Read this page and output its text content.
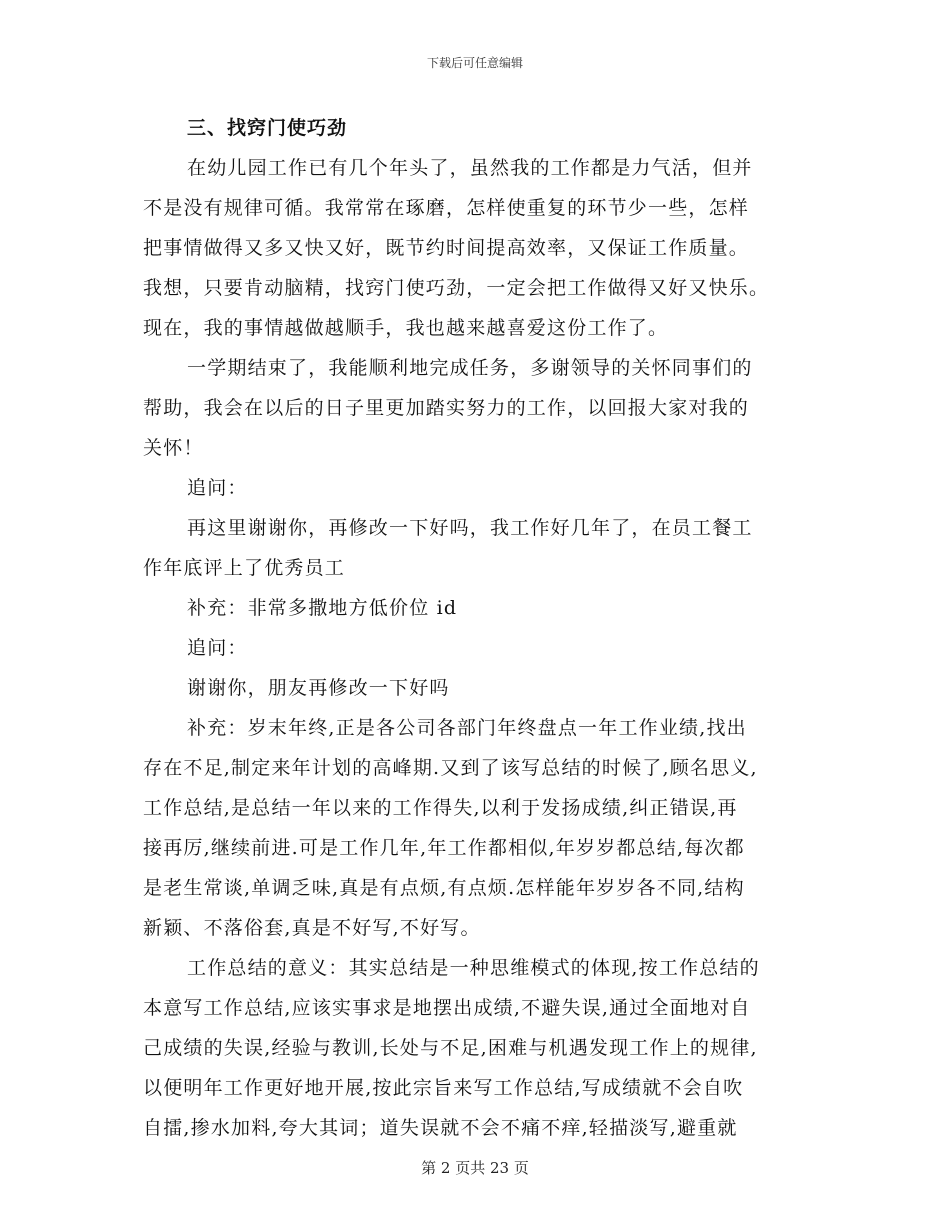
下载后可任意编辑
三、找窍门使巧劲
在幼儿园工作已有几个年头了，虽然我的工作都是力气活，但并
不是没有规律可循。我常常在琢磨，怎样使重复的环节少一些，怎样
把事情做得又多又快又好，既节约时间提高效率，又保证工作质量。
我想，只要肯动脑精，找窍门使巧劲，一定会把工作做得又好又快乐。
现在，我的事情越做越顺手，我也越来越喜爱这份工作了。
一学期结束了，我能顺利地完成任务，多谢领导的关怀同事们的
帮助，我会在以后的日子里更加踏实努力的工作，以回报大家对我的
关怀！
追问：
再这里谢谢你，再修改一下好吗，我工作好几年了，在员工餐工
作年底评上了优秀员工
补充：非常多撒地方低价位 id
追问：
谢谢你，朋友再修改一下好吗
补充：岁末年终,正是各公司各部门年终盘点一年工作业绩,找出
存在不足,制定来年计划的高峰期.又到了该写总结的时候了,顾名思义,
工作总结,是总结一年以来的工作得失,以利于发扬成绩,纠正错误,再
接再厉,继续前进.可是工作几年,年工作都相似,年岁岁都总结,每次都
是老生常谈,单调乏味,真是有点烦,有点烦.怎样能年岁岁各不同,结构
新颖、不落俗套,真是不好写,不好写。
工作总结的意义：其实总结是一种思维模式的体现,按工作总结的
本意写工作总结,应该实事求是地摆出成绩,不避失误,通过全面地对自
己成绩的失误,经验与教训,长处与不足,困难与机遇发现工作上的规律,
以便明年工作更好地开展,按此宗旨来写工作总结,写成绩就不会自吹
自擂,掺水加料,夸大其词；道失误就不会不痛不痒,轻描淡写,避重就
第 2 页共 23 页
